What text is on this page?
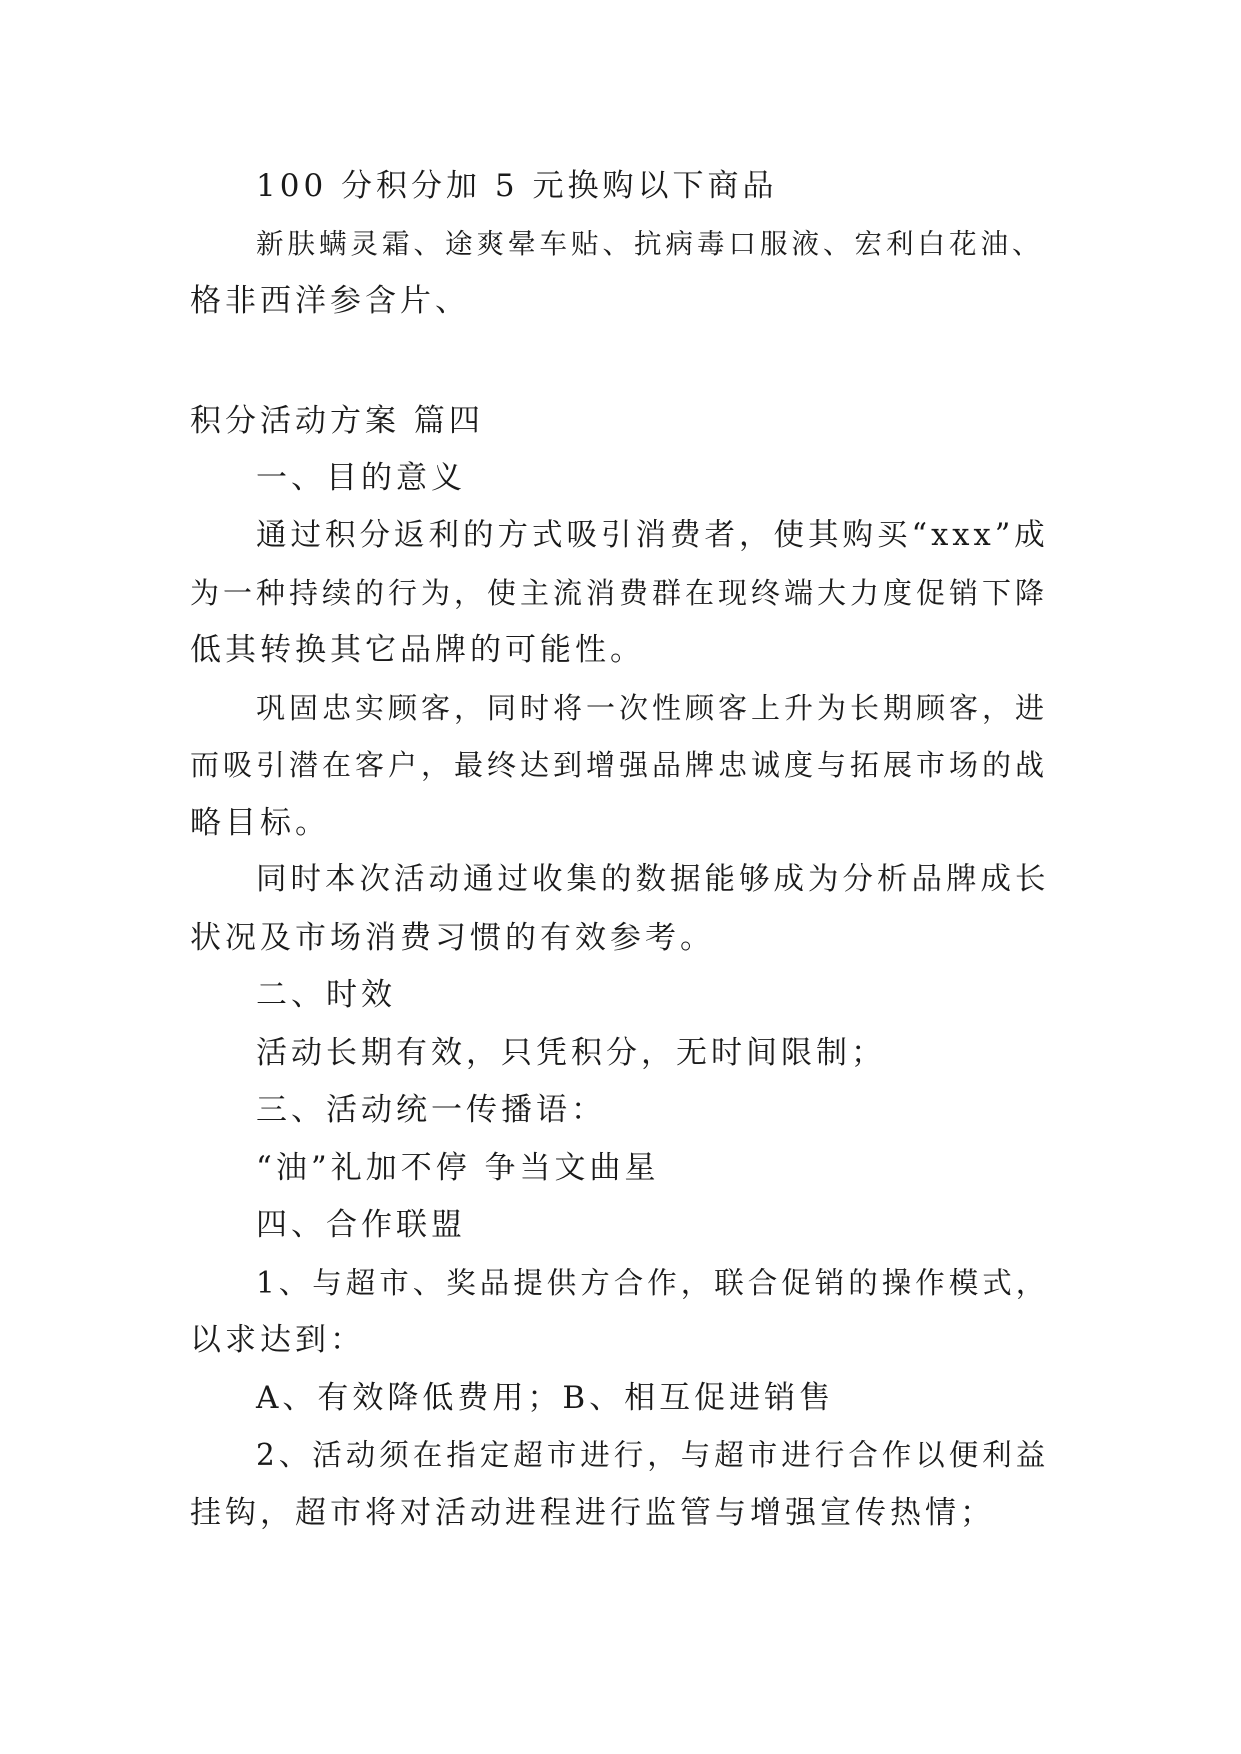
100 分积分加 5 元换购以下商品

新肤螨灵霜、途爽晕车贴、抗病毒口服液、宏利白花油、

格非西洋参含片、

积分活动方案 篇四

一、目的意义

通过积分返利的方式吸引消费者，使其购买“xxx”成

为一种持续的行为，使主流消费群在现终端大力度促销下降

低其转换其它品牌的可能性。

巩固忠实顾客，同时将一次性顾客上升为长期顾客，进

而吸引潜在客户，最终达到增强品牌忠诚度与拓展市场的战

略目标。

同时本次活动通过收集的数据能够成为分析品牌成长

状况及市场消费习惯的有效参考。

二、时效

活动长期有效，只凭积分，无时间限制；

三、活动统一传播语：

“油”礼加不停 争当文曲星

四、合作联盟

1、与超市、奖品提供方合作，联合促销的操作模式，

以求达到：

A、有效降低费用；B、相互促进销售

2、活动须在指定超市进行，与超市进行合作以便利益

挂钩，超市将对活动进程进行监管与增强宣传热情；
